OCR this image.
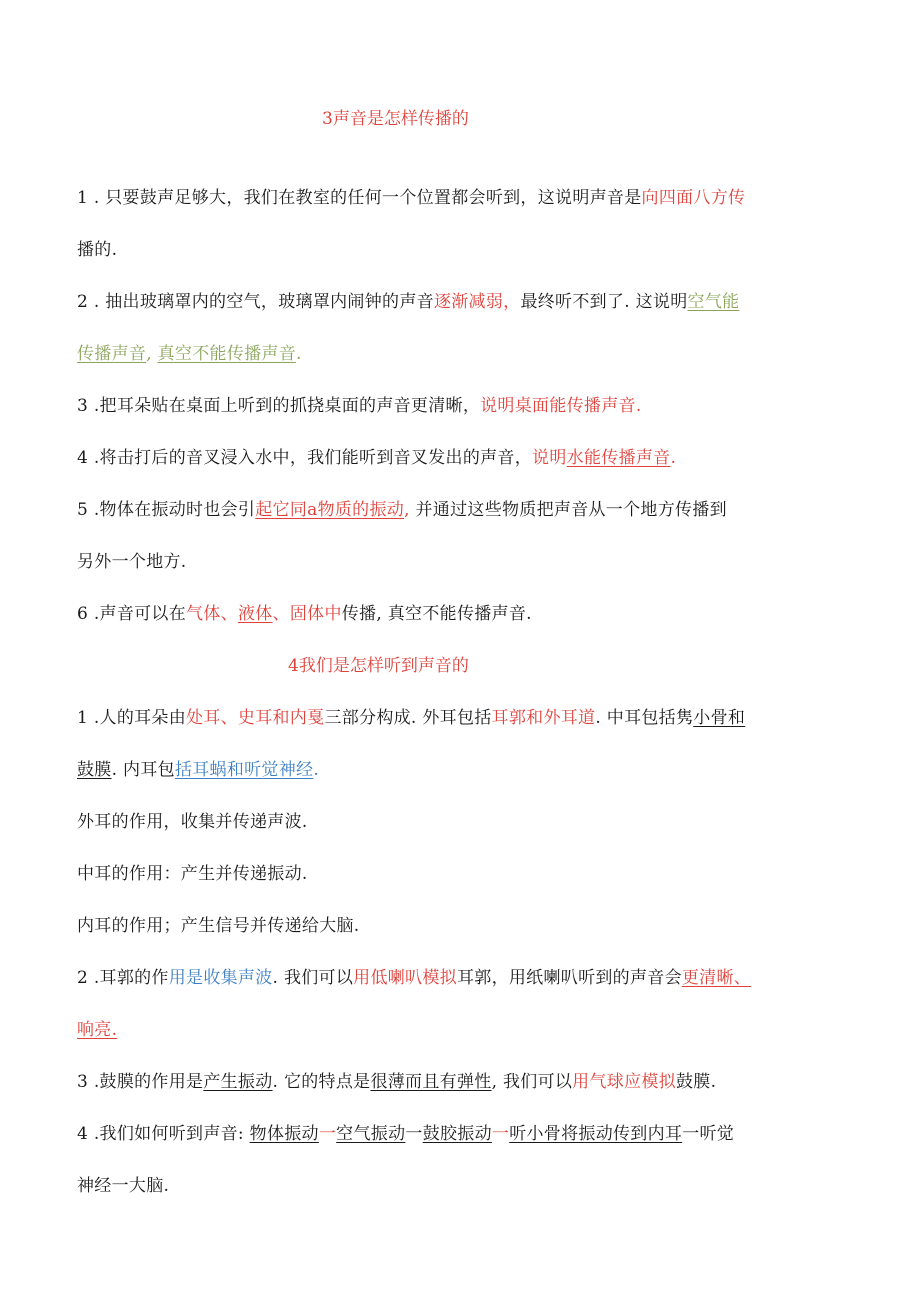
3声音是怎样传播的
1 . 只要鼓声足够大，我们在教室的任何一个位置都会听到，这说明声音是向四面八方传
播的.
2 . 抽出玻璃罩内的空气，玻璃罩内闹钟的声音逐渐减弱，最终听不到了. 这说明空气能
传播声音, 真空不能传播声音.
3 .把耳朵贴在桌面上听到的抓挠桌面的声音更清晰，说明桌面能传播声音.
4 .将击打后的音叉浸入水中，我们能听到音叉发出的声音，说明水能传播声音.
5 .物体在振动时也会引起它同a物质的振动, 并通过这些物质把声音从一个地方传播到
另外一个地方.
6 .声音可以在气体、液体、固体中传播, 真空不能传播声音.
4我们是怎样听到声音的
1 .人的耳朵由处耳、史耳和内戛三部分构成. 外耳包括耳郭和外耳道. 中耳包括隽小骨和
鼓膜. 内耳包括耳蜗和听觉神经.
外耳的作用，收集并传递声波.
中耳的作用：产生并传递振动.
内耳的作用；产生信号并传递给大脑.
2 .耳郭的作用是收集声波. 我们可以用低喇叭模拟耳郭，用纸喇叭听到的声音会更清晰、
响亮.
3 .鼓膜的作用是产生振动. 它的特点是很薄而且有弹性, 我们可以用气球应模拟鼓膜.
4 .我们如何听到声音: 物体振动一空气振动一鼓胶振动一听小骨将振动传到内耳一听觉
神经一大脑.
